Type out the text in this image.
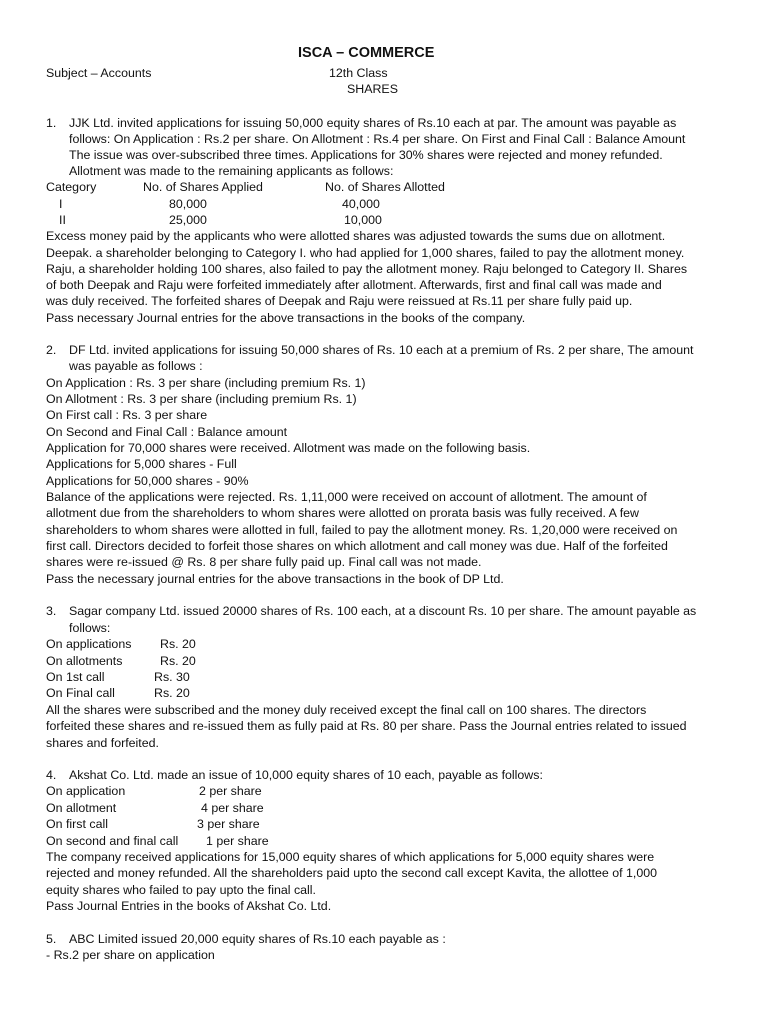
ISCA – COMMERCE
Subject – Accounts	12th Class
SHARES
1. JJK Ltd. invited applications for issuing 50,000 equity shares of Rs.10 each at par. The amount was payable as
follows: On Application : Rs.2 per share. On Allotment : Rs.4 per share. On First and Final Call : Balance Amount
The issue was over-subscribed three times. Applications for 30% shares were rejected and money refunded.
Allotment was made to the remaining applicants as follows:
Category	No. of Shares Applied	No. of Shares Allotted
I	80,000	40,000
II	25,000	10,000
Excess money paid by the applicants who were allotted shares was adjusted towards the sums due on allotment.
Deepak. a shareholder belonging to Category I. who had applied for 1,000 shares, failed to pay the allotment money.
Raju, a shareholder holding 100 shares, also failed to pay the allotment money. Raju belonged to Category II. Shares
of both Deepak and Raju were forfeited immediately after allotment. Afterwards, first and final call was made and
was duly received. The forfeited shares of Deepak and Raju were reissued at Rs.11 per share fully paid up.
Pass necessary Journal entries for the above transactions in the books of the company.
2. DF Ltd. invited applications for issuing 50,000 shares of Rs. 10 each at a premium of Rs. 2 per share, The amount
was payable as follows :
On Application : Rs. 3 per share (including premium Rs. 1)
On Allotment : Rs. 3 per share (including premium Rs. 1)
On First call : Rs. 3 per share
On Second and Final Call : Balance amount
Application for 70,000 shares were received. Allotment was made on the following basis.
Applications for 5,000 shares - Full
Applications for 50,000 shares - 90%
Balance of the applications were rejected. Rs. 1,11,000 were received on account of allotment. The amount of
allotment due from the shareholders to whom shares were allotted on prorata basis was fully received. A few
shareholders to whom shares were allotted in full, failed to pay the allotment money. Rs. 1,20,000 were received on
first call. Directors decided to forfeit those shares on which allotment and call money was due. Half of the forfeited
shares were re-issued @ Rs. 8 per share fully paid up. Final call was not made.
Pass the necessary journal entries for the above transactions in the book of DP Ltd.
3. Sagar company Ltd. issued 20000 shares of Rs. 100 each, at a discount Rs. 10 per share. The amount payable as
follows:
On applications Rs. 20
On allotments	Rs. 20
On 1st call	Rs. 30
On Final call	Rs. 20
All the shares were subscribed and the money duly received except the final call on 100 shares. The directors
forfeited these shares and re-issued them as fully paid at Rs. 80 per share. Pass the Journal entries related to issued
shares and forfeited.
4. Akshat Co. Ltd. made an issue of 10,000 equity shares of 10 each, payable as follows:
On application	2 per share
On allotment	4 per share
On first call	3 per share
On second and final call 1 per share
The company received applications for 15,000 equity shares of which applications for 5,000 equity shares were
rejected and money refunded. All the shareholders paid upto the second call except Kavita, the allottee of 1,000
equity shares who failed to pay upto the final call.
Pass Journal Entries in the books of Akshat Co. Ltd.
5. ABC Limited issued 20,000 equity shares of Rs.10 each payable as :
- Rs.2 per share on application
